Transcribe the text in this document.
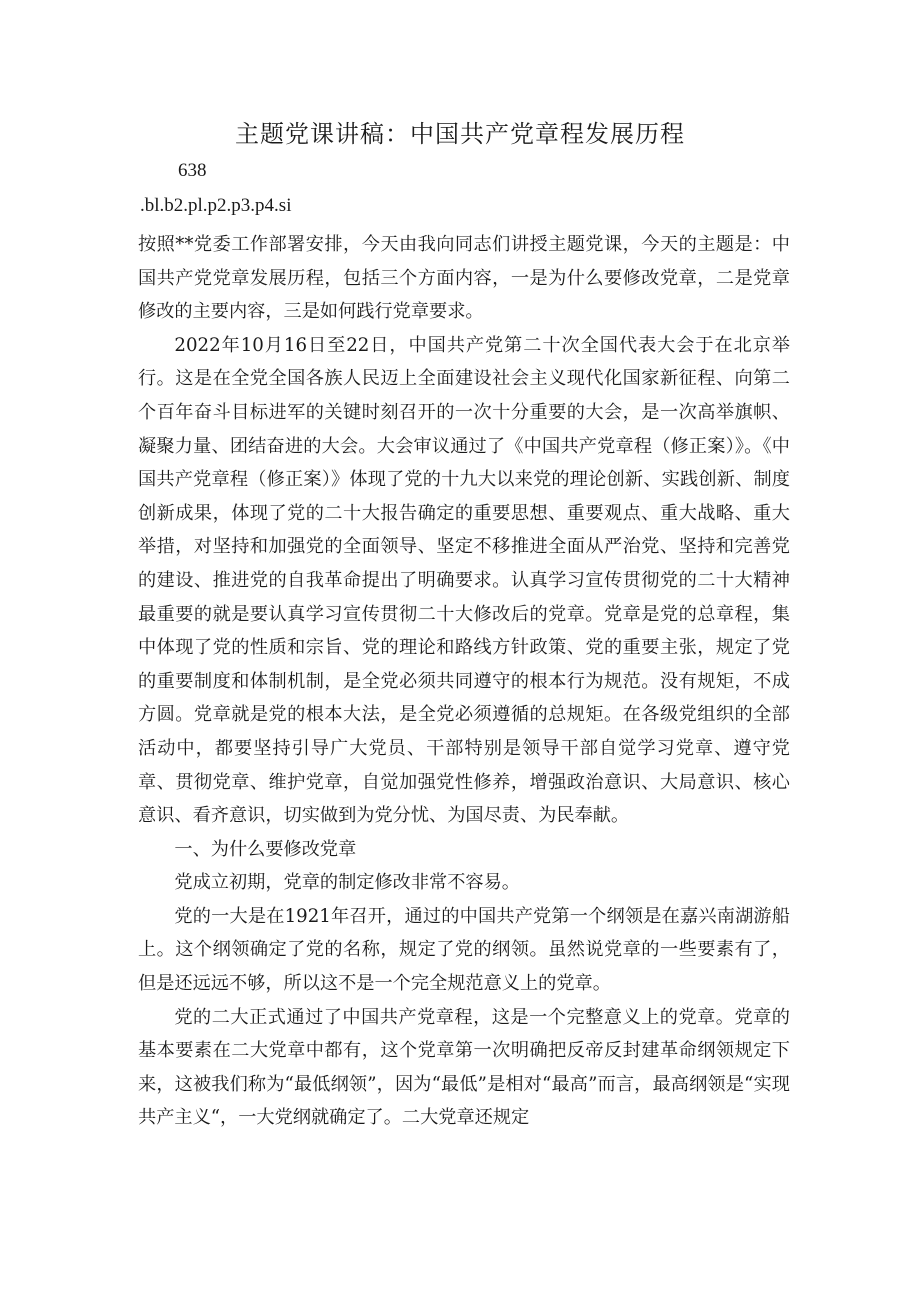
主题党课讲稿：中国共产党章程发展历程
638
.bl.b2.pl.p2.p3.p4.si

按照**党委工作部署安排，今天由我向同志们讲授主题党课，今天的主题是：中国共产党党章发展历程，包括三个方面内容，一是为什么要修改党章，二是党章修改的主要内容，三是如何践行党章要求。

2022年10月16日至22日，中国共产党第二十次全国代表大会于在北京举行。这是在全党全国各族人民迈上全面建设社会主义现代化国家新征程、向第二个百年奋斗目标进军的关键时刻召开的一次十分重要的大会，是一次高举旗帜、凝聚力量、团结奋进的大会。大会审议通过了《中国共产党章程（修正案）》。《中国共产党章程（修正案）》体现了党的十九大以来党的理论创新、实践创新、制度创新成果，体现了党的二十大报告确定的重要思想、重要观点、重大战略、重大举措，对坚持和加强党的全面领导、坚定不移推进全面从严治党、坚持和完善党的建设、推进党的自我革命提出了明确要求。认真学习宣传贯彻党的二十大精神最重要的就是要认真学习宣传贯彻二十大修改后的党章。党章是党的总章程，集中体现了党的性质和宗旨、党的理论和路线方针政策、党的重要主张，规定了党的重要制度和体制机制，是全党必须共同遵守的根本行为规范。没有规矩，不成方圆。党章就是党的根本大法，是全党必须遵循的总规矩。在各级党组织的全部活动中，都要坚持引导广大党员、干部特别是领导干部自觉学习党章、遵守党章、贯彻党章、维护党章，自觉加强党性修养，增强政治意识、大局意识、核心意识、看齐意识，切实做到为党分忧、为国尽责、为民奉献。

一、为什么要修改党章

党成立初期，党章的制定修改非常不容易。

党的一大是在1921年召开，通过的中国共产党第一个纲领是在嘉兴南湖游船上。这个纲领确定了党的名称，规定了党的纲领。虽然说党章的一些要素有了，但是还远远不够，所以这不是一个完全规范意义上的党章。

党的二大正式通过了中国共产党章程，这是一个完整意义上的党章。党章的基本要素在二大党章中都有，这个党章第一次明确把反帝反封建革命纲领规定下来，这被我们称为“最低纲领”，因为“最低”是相对“最高”而言，最高纲领是“实现共产主义“，一大党纲就确定了。二大党章还规定
